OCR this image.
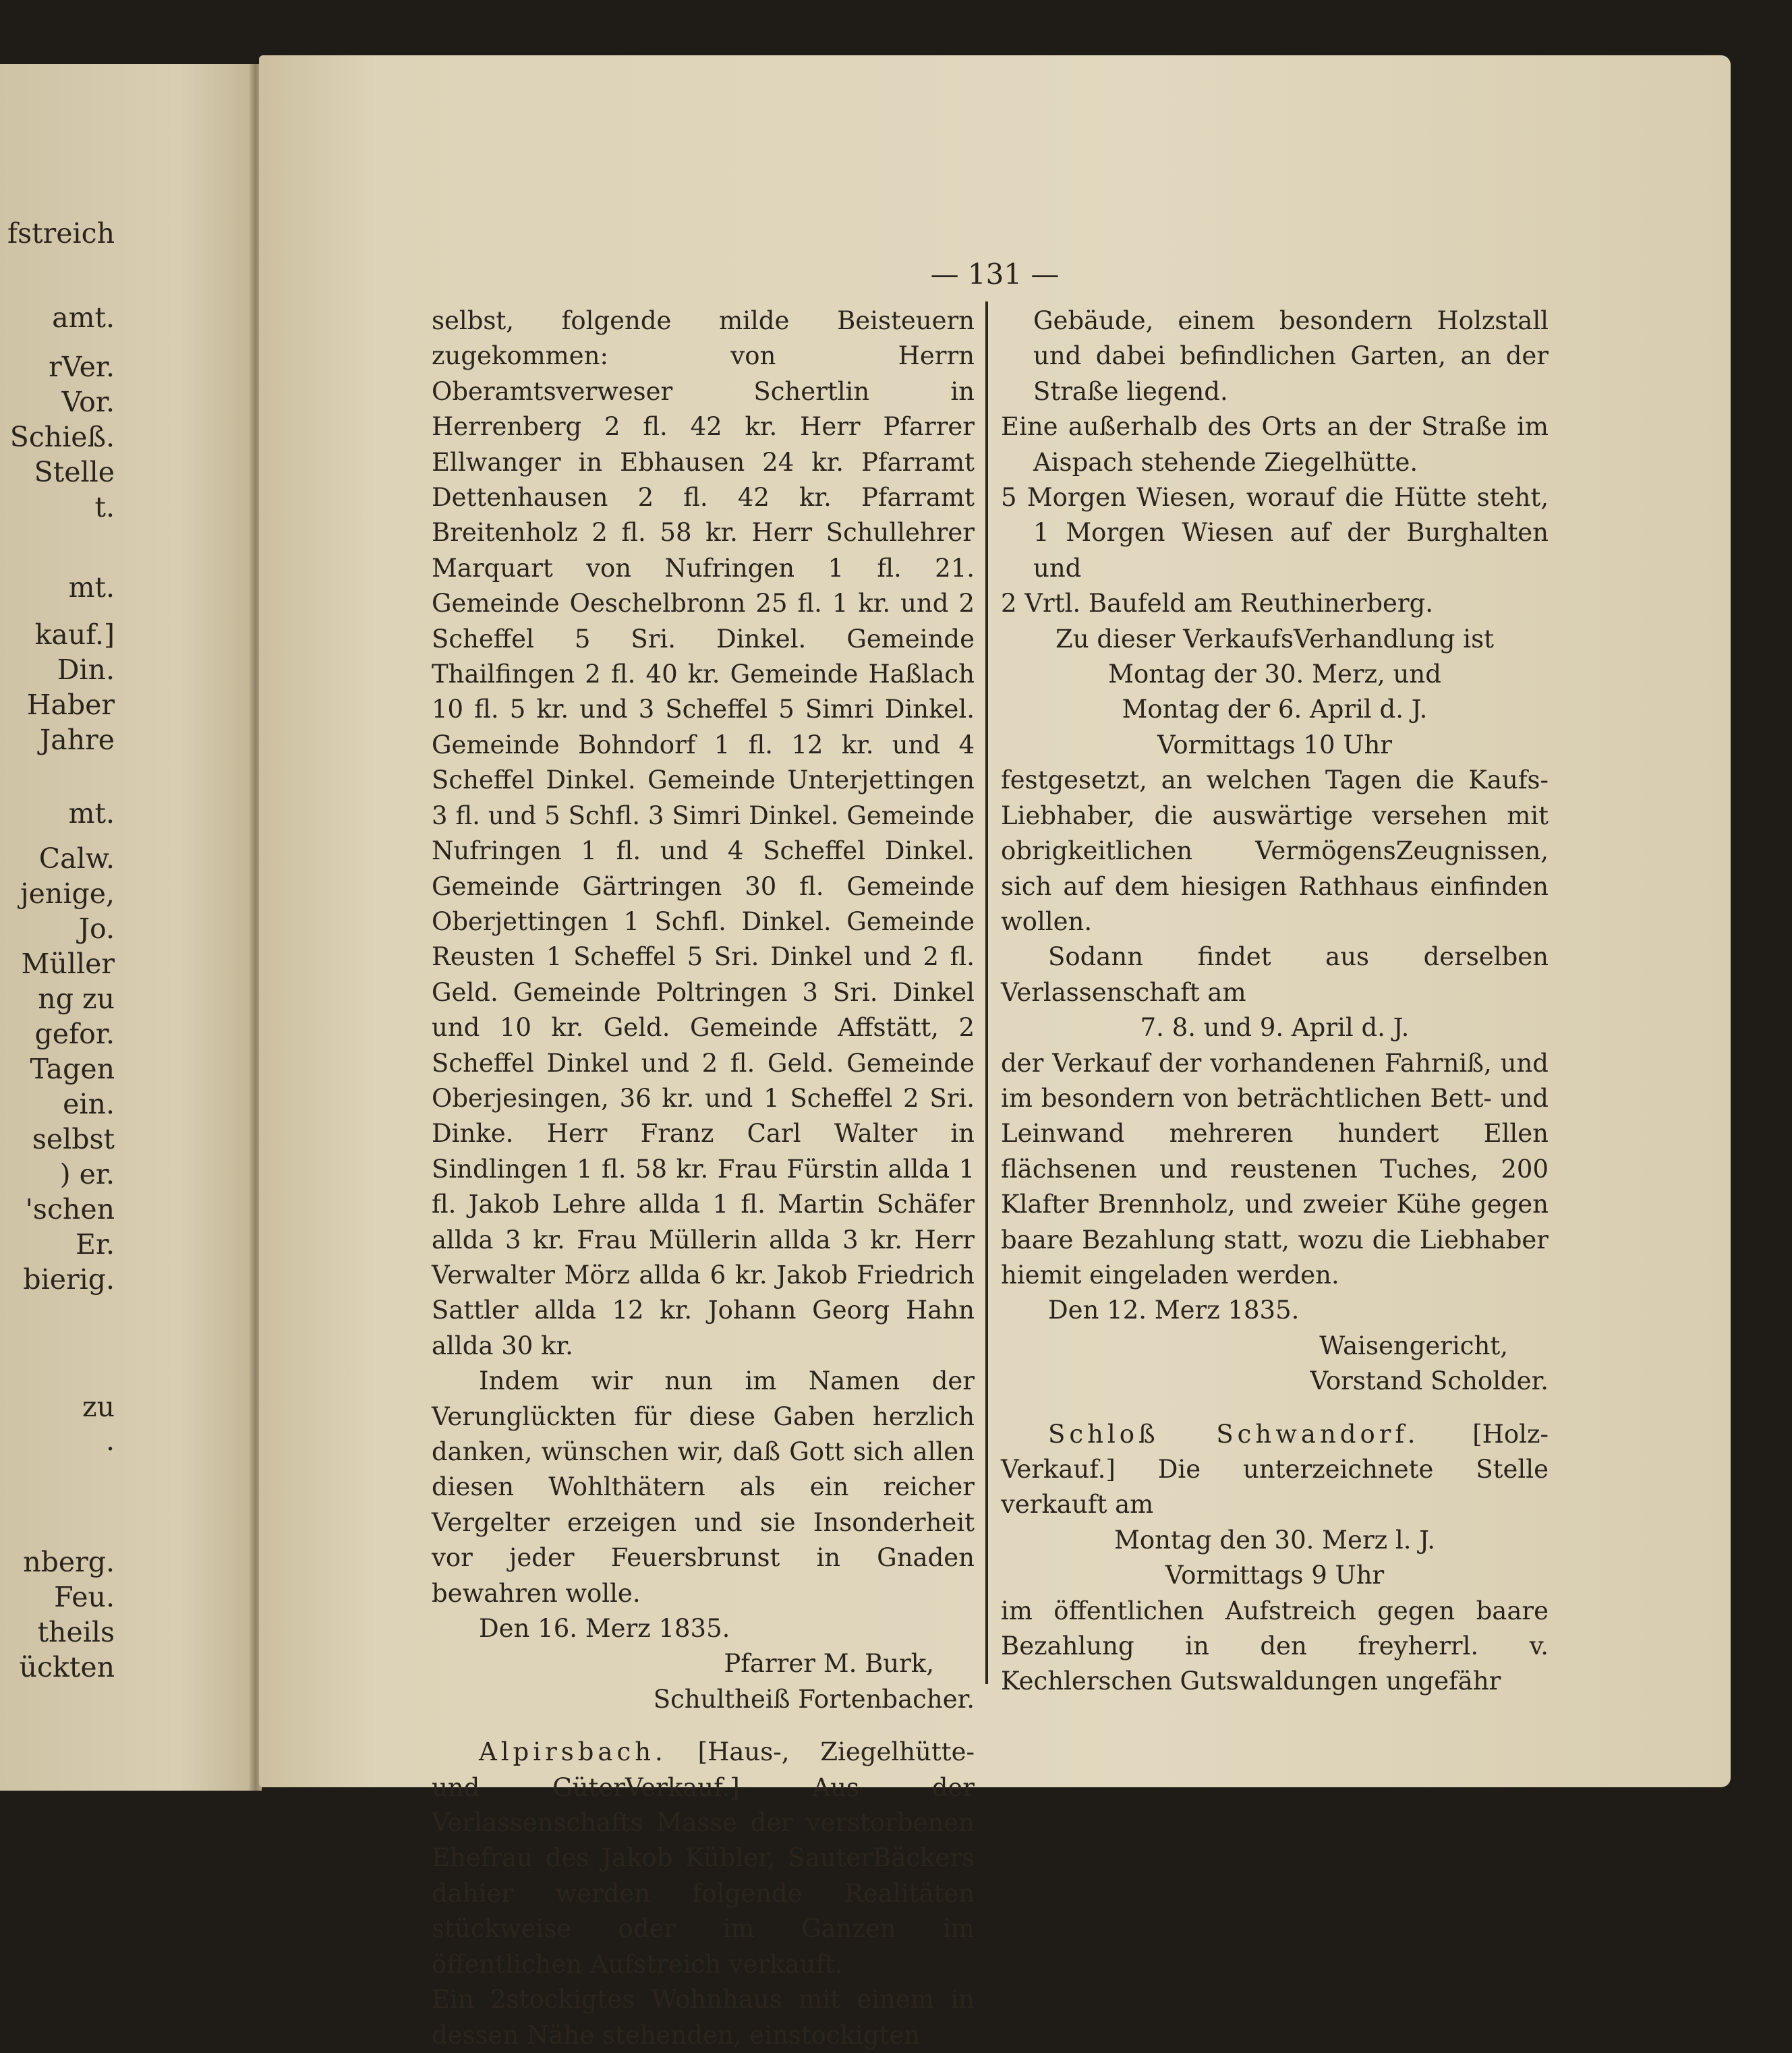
fstreich
amt.
rVer.
Vor.
Schieß.
Stelle
t.
mt.
kauf.]
Din.
Haber
Jahre
mt.
Calw.
jenige,
Jo.
Müller
ng zu
gefor.
Tagen
ein.
selbst
) er.
'schen
Er.
bierig.
zu
.
nberg.
Feu.
theils
ückten
— 131 —

selbst, folgende milde Beisteuern zugekommen: von Herrn Oberamtsverweser Schertlin in Herrenberg 2 fl. 42 kr. Herr Pfarrer Ellwanger in Ebhausen 24 kr. Pfarramt Dettenhausen 2 fl. 42 kr. Pfarramt Breitenholz 2 fl. 58 kr. Herr Schullehrer Marquart von Nufringen 1 fl. 21. Gemeinde Oeschelbronn 25 fl. 1 kr. und 2 Scheffel 5 Sri. Dinkel. Gemeinde Thailfingen 2 fl. 40 kr. Gemeinde Haßlach 10 fl. 5 kr. und 3 Scheffel 5 Simri Dinkel. Gemeinde Bohndorf 1 fl. 12 kr. und 4 Scheffel Dinkel. Gemeinde Unterjettingen 3 fl. und 5 Schfl. 3 Simri Dinkel. Gemeinde Nufringen 1 fl. und 4 Scheffel Dinkel. Gemeinde Gärtringen 30 fl. Gemeinde Oberjettingen 1 Schfl. Dinkel. Gemeinde Reusten 1 Scheffel 5 Sri. Dinkel und 2 fl. Geld. Gemeinde Poltringen 3 Sri. Dinkel und 10 kr. Geld. Gemeinde Affstätt, 2 Scheffel Dinkel und 2 fl. Geld. Gemeinde Oberjesingen, 36 kr. und 1 Scheffel 2 Sri. Dinke. Herr Franz Carl Walter in Sindlingen 1 fl. 58 kr. Frau Fürstin allda 1 fl. Jakob Lehre allda 1 fl. Martin Schäfer allda 3 kr. Frau Müllerin allda 3 kr. Herr Verwalter Mörz allda 6 kr. Jakob Friedrich Sattler allda 12 kr. Johann Georg Hahn allda 30 kr.

Indem wir nun im Namen der Verunglückten für diese Gaben herzlich danken, wünschen wir, daß Gott sich allen diesen Wohlthätern als ein reicher Vergelter erzeigen und sie Insonderheit vor jeder Feuersbrunst in Gnaden bewahren wolle.

Den 16. Merz 1835.

Pfarrer M. Burk,

Schultheiß Fortenbacher.

Alpirsbach. [Haus-, Ziegelhütte- und GüterVerkauf.] Aus der Verlassenschafts Masse der verstorbenen Ehefrau des Jakob Kübler, SauterBäckers dahier werden folgende Realitäten stückweise oder im Ganzen im öffentlichen Aufstreich verkauft.

Ein 2stockigtes Wohnhaus mit einem in dessen Nähe stehenden, einstockigten

Gebäude, einem besondern Holzstall und dabei befindlichen Garten, an der Straße liegend.

Eine außerhalb des Orts an der Straße im Aispach stehende Ziegelhütte.

5 Morgen Wiesen, worauf die Hütte steht, 1 Morgen Wiesen auf der Burghalten und

2 Vrtl. Baufeld am Reuthinerberg.

Zu dieser VerkaufsVerhandlung ist

Montag der 30. Merz, und

Montag der 6. April d. J.

Vormittags 10 Uhr

festgesetzt, an welchen Tagen die Kaufs-Liebhaber, die auswärtige versehen mit obrigkeitlichen VermögensZeugnissen, sich auf dem hiesigen Rathhaus einfinden wollen.

Sodann findet aus derselben Verlassenschaft am

7. 8. und 9. April d. J.

der Verkauf der vorhandenen Fahrniß, und im besondern von beträchtlichen Bett- und Leinwand mehreren hundert Ellen flächsenen und reustenen Tuches, 200 Klafter Brennholz, und zweier Kühe gegen baare Bezahlung statt, wozu die Liebhaber hiemit eingeladen werden.

Den 12. Merz 1835.

Waisengericht,

Vorstand Scholder.

Schloß Schwandorf. [Holz-Verkauf.] Die unterzeichnete Stelle verkauft am

Montag den 30. Merz l. J.

Vormittags 9 Uhr

im öffentlichen Aufstreich gegen baare Bezahlung in den freyherrl. v. Kechlerschen Gutswaldungen ungefähr
